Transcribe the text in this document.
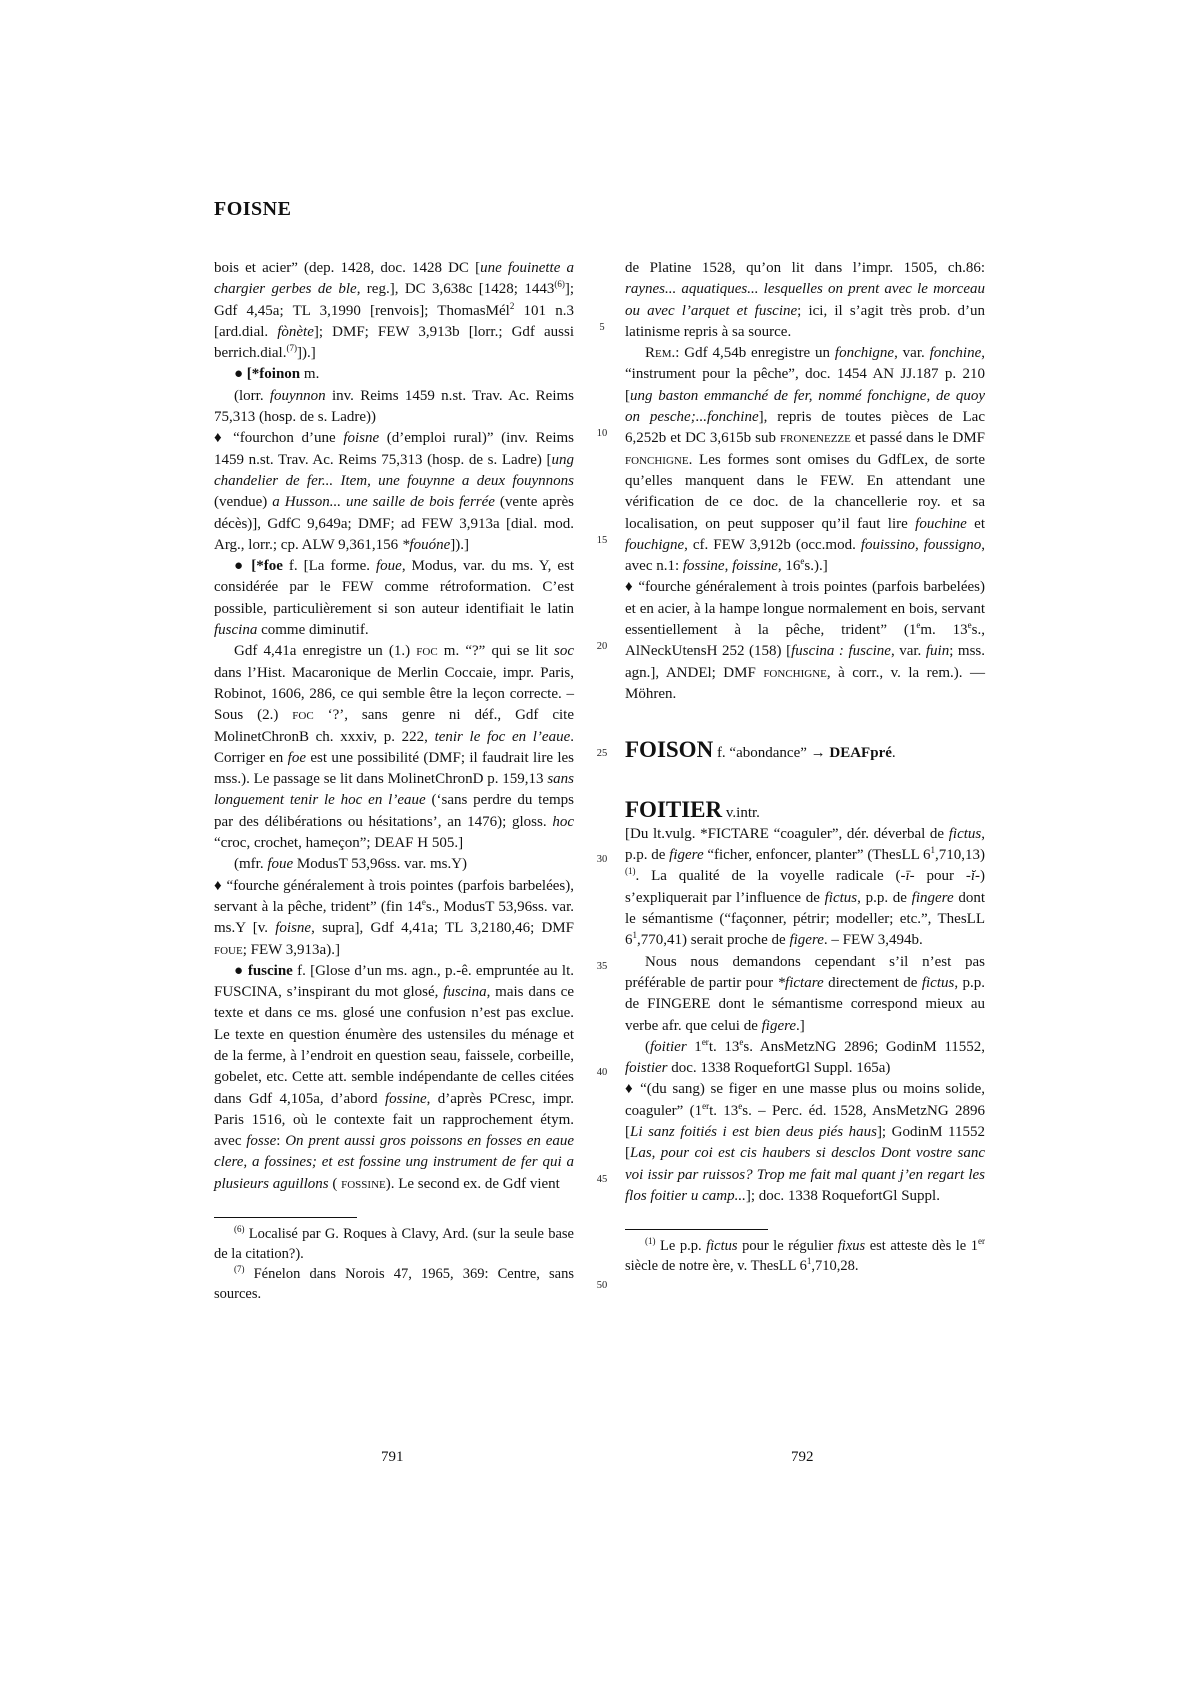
FOISNE

bois et acier” (dep. 1428, doc. 1428 DC [une fouinette a chargier gerbes de ble, reg.], DC 3,638c [1428; 1443$^{(6)}$]; Gdf 4,45a; TL 3,1990 [renvois]; ThomasMél$^2$ 101 n.3 [ard.dial. fònète]; DMF; FEW 3,913b [lorr.; Gdf aussi berrich.dial.$^{(7)}$]).]

● [*foinon m.

(lorr. fouynnon inv. Reims 1459 n.st. Trav. Ac. Reims 75,313 (hosp. de s. Ladre))

♦ “fourchon d’une foisne (d’emploi rural)” (inv. Reims 1459 n.st. Trav. Ac. Reims 75,313 (hosp. de s. Ladre) [ung chandelier de fer... Item, une fouynne a deux fouynnons (vendue) a Husson... une saille de bois ferrée (vente après décès)], GdfC 9,649a; DMF; ad FEW 3,913a [dial. mod. Arg., lorr.; cp. ALW 9,361,156 *fouóne]).]

● [*foe f. [La forme. foue, Modus, var. du ms. Y, est considérée par le FEW comme rétroformation. C’est possible, particulièrement si son auteur identifiait le latin fuscina comme diminutif.

Gdf 4,41a enregistre un (1.) foc m. “?” qui se lit soc dans l’Hist. Macaronique de Merlin Coccaie, impr. Paris, Robinot, 1606, 286, ce qui semble être la leçon correcte. – Sous (2.) foc ‘?’, sans genre ni déf., Gdf cite MolinetChronB ch. xxxiv, p. 222, tenir le foc en l’eaue. Corriger en foe est une possibilité (DMF; il faudrait lire les mss.). Le passage se lit dans MolinetChronD p. 159,13 sans longuement tenir le hoc en l’eaue (‘sans perdre du temps par des délibérations ou hésitations’, an 1476); gloss. hoc “croc, crochet, hameçon”; DEAF H 505.]

(mfr. foue ModusT 53,96ss. var. ms.Y)

♦ “fourche généralement à trois pointes (parfois barbelées), servant à la pêche, trident” (fin 14es., ModusT 53,96ss. var. ms.Y [v. foisne, supra], Gdf 4,41a; TL 3,2180,46; DMF foue; FEW 3,913a).]

● fuscine f. [Glose d’un ms. agn., p.-ê. empruntée au lt. FUSCINA, s’inspirant du mot glosé, fuscina, mais dans ce texte et dans ce ms. glosé une confusion n’est pas exclue. Le texte en question énumère des ustensiles du ménage et de la ferme, à l’endroit en question seau, faissele, corbeille, gobelet, etc. Cette att. semble indépendante de celles citées dans Gdf 4,105a, d’abord fossine, d’après PCresc, impr. Paris 1516, où le contexte fait un rapprochement étym. avec fosse: On prent aussi gros poissons en fosses en eaue clere, a fossines; et est fossine ung instrument de fer qui a plusieurs aguillons ( fossine). Le second ex. de Gdf vient

$^{(6)}$ Localisé par G. Roques à Clavy, Ard. (sur la seule base de la citation?).

$^{(7)}$ Fénelon dans Norois 47, 1965, 369: Centre, sans sources.

de Platine 1528, qu’on lit dans l’impr. 1505, ch.86: raynes... aquatiques... lesquelles on prent avec le morceau ou avec l’arquet et fuscine; ici, il s’agit très prob. d’un latinisme repris à sa source.

Rem.: Gdf 4,54b enregistre un fonchigne, var. fonchine, “instrument pour la pêche”, doc. 1454 AN JJ.187 p. 210 [ung baston emmanché de fer, nommé fonchigne, de quoy on pesche;...fonchine], repris de toutes pièces de Lac 6,252b et DC 3,615b sub fronenezze et passé dans le DMF fonchigne. Les formes sont omises du GdfLex, de sorte qu’elles manquent dans le FEW. En attendant une vérification de ce doc. de la chancellerie roy. et sa localisation, on peut supposer qu’il faut lire fouchine et fouchigne, cf. FEW 3,912b (occ.mod. fouissino, foussigno, avec n.1: fossine, foissine, 16es.).]

♦ “fourche généralement à trois pointes (parfois barbelées) et en acier, à la hampe longue normalement en bois, servant essentiellement à la pêche, trident” (1em. 13es., AlNeckUtensH 252 (158) [fuscina : fuscine, var. fuin; mss. agn.], ANDEl; DMF fonchigne, à corr., v. la rem.). — Möhren.

FOISON f. “abondance” → DEAFpré.

FOITIER v.intr.

[Du lt.vulg. *FICTARE “coaguler”, dér. déverbal de fictus, p.p. de figere “ficher, enfoncer, planter” (ThesLL $6^1,710,13)^{(1)}$. La qualité de la voyelle radicale (-ī- pour -ĭ-) s’expliquerait par l’influence de fictus, p.p. de fingere dont le sémantisme (“façonner, pétrir; modeller; etc.”, ThesLL $6^1,770,41$) serait proche de figere. – FEW 3,494b.

Nous nous demandons cependant s’il n’est pas préférable de partir pour *fictare directement de fictus, p.p. de FINGERE dont le sémantisme correspond mieux au verbe afr. que celui de figere.]

(foitier 1ert. 13es. AnsMetzNG 2896; GodinM 11552, foistier doc. 1338 RoquefortGl Suppl. 165a)

♦ “(du sang) se figer en une masse plus ou moins solide, coaguler” (1ert. 13es. – Perc. éd. 1528, AnsMetzNG 2896 [Li sanz foitiés i est bien deus piés haus]; GodinM 11552 [Las, pour coi est cis haubers si desclos Dont vostre sanc voi issir par ruissos? Trop me fait mal quant j’en regart les flos foitier u camp...]; doc. 1338 RoquefortGl Suppl.

$^{(1)}$ Le p.p. fictus pour le régulier fixus est atteste dès le 1er siècle de notre ère, v. ThesLL $6^1,710,28$.

5
10
15
20
25
30
35
40
45
50
791	792
